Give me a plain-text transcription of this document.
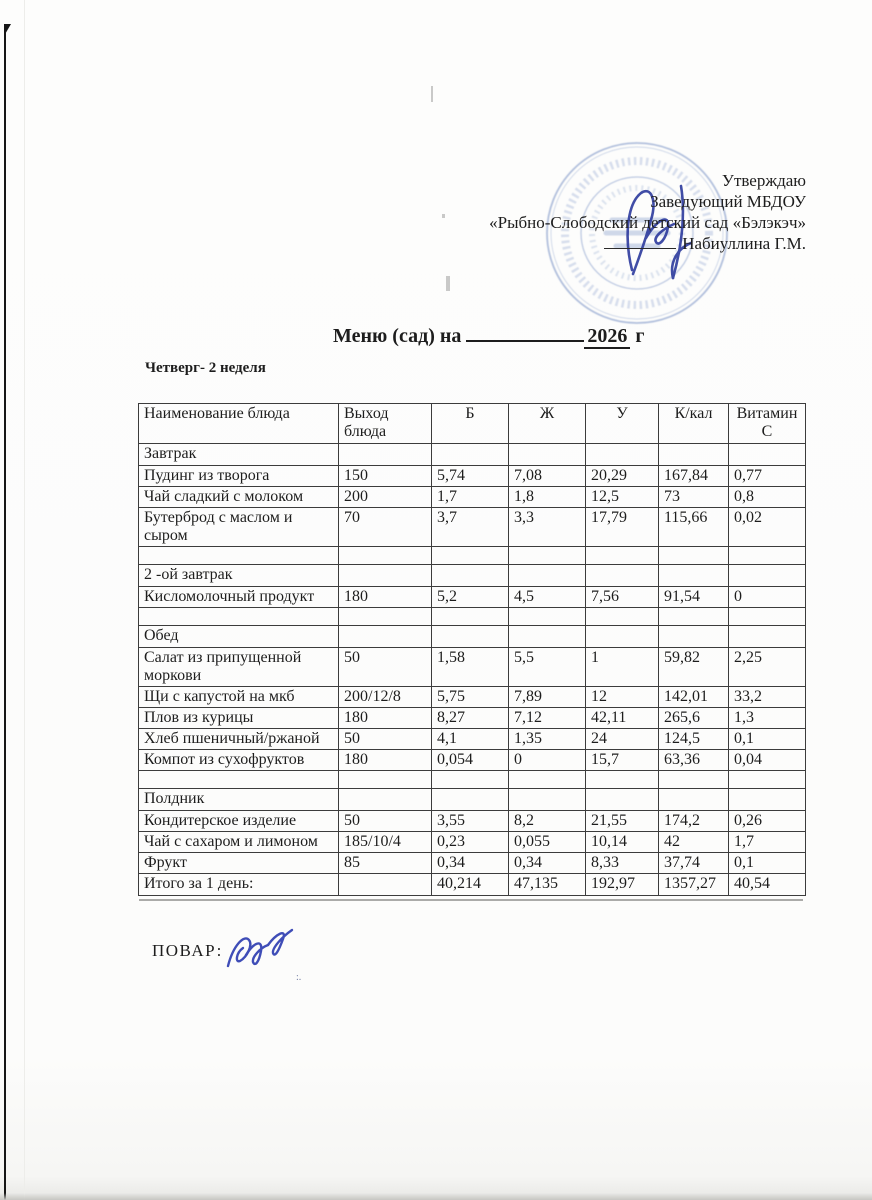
Утверждаю
Заведующий МБДОУ
«Рыбно-Слободский детский сад «Бэлэкэч»
Набиуллина Г.М.
Меню (сад) на	2026 г
Четверг- 2 неделя
Наименование блюда	Выход блюда	Б	Ж	У	К/кал	Витамин С
Завтрак						
Пудинг из творога	150	5,74	7,08	20,29	167,84	0,77
Чай сладкий с молоком	200	1,7	1,8	12,5	73	0,8
Бутерброд с маслом и сыром	70	3,7	3,3	17,79	115,66	0,02

2 -ой завтрак						
Кисломолочный продукт	180	5,2	4,5	7,56	91,54	0

Обед						
Салат из припущенной моркови	50	1,58	5,5	1	59,82	2,25
Щи с капустой на мкб	200/12/8	5,75	7,89	12	142,01	33,2
Плов из курицы	180	8,27	7,12	42,11	265,6	1,3
Хлеб пшеничный/ржаной	50	4,1	1,35	24	124,5	0,1
Компот из сухофруктов	180	0,054	0	15,7	63,36	0,04

Полдник						
Кондитерское изделие	50	3,55	8,2	21,55	174,2	0,26
Чай с сахаром и лимоном	185/10/4	0,23	0,055	10,14	42	1,7
Фрукт	85	0,34	0,34	8,33	37,74	0,1
Итого за 1 день:		40,214	47,135	192,97	1357,27	40,54
ПОВАР:
:.
